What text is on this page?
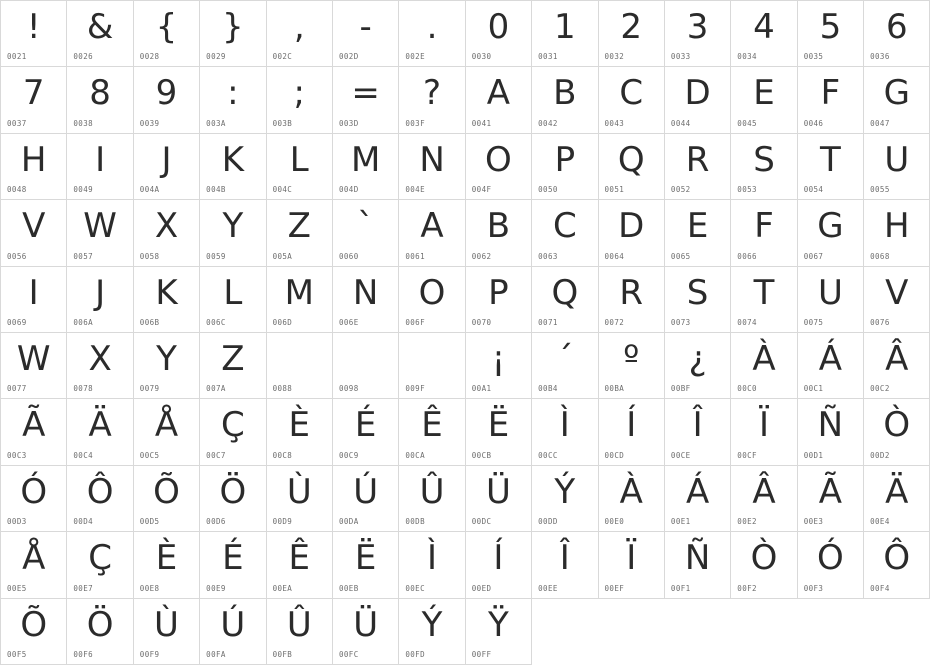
!
0021
&
0026
{
0028
}
0029
,
002C
-
002D
.
002E
0
0030
1
0031
2
0032
3
0033
4
0034
5
0035
6
0036
7
0037
8
0038
9
0039
:
003A
;
003B
=
003D
?
003F
A
0041
B
0042
C
0043
D
0044
E
0045
F
0046
G
0047
H
0048
I
0049
J
004A
K
004B
L
004C
M
004D
N
004E
O
004F
P
0050
Q
0051
R
0052
S
0053
T
0054
U
0055
V
0056
W
0057
X
0058
Y
0059
Z
005A
`
0060
A
0061
B
0062
C
0063
D
0064
E
0065
F
0066
G
0067
H
0068
I
0069
J
006A
K
006B
L
006C
M
006D
N
006E
O
006F
P
0070
Q
0071
R
0072
S
0073
T
0074
U
0075
V
0076
W
0077
X
0078
Y
0079
Z
007A	0088	0098	009F
¡
00A1
´
00B4
º
00BA
¿
00BF
À
00C0
Á
00C1
Â
00C2
Ã
00C3
Ä
00C4
Å
00C5
Ç
00C7
È
00C8
É
00C9
Ê
00CA
Ë
00CB
Ì
00CC
Í
00CD
Î
00CE
Ï
00CF
Ñ
00D1
Ò
00D2
Ó
00D3
Ô
00D4
Õ
00D5
Ö
00D6
Ù
00D9
Ú
00DA
Û
00DB
Ü
00DC
Ý
00DD
À
00E0
Á
00E1
Â
00E2
Ã
00E3
Ä
00E4
Å
00E5
Ç
00E7
È
00E8
É
00E9
Ê
00EA
Ë
00EB
Ì
00EC
Í
00ED
Î
00EE
Ï
00EF
Ñ
00F1
Ò
00F2
Ó
00F3
Ô
00F4
Õ
00F5
Ö
00F6
Ù
00F9
Ú
00FA
Û
00FB
Ü
00FC
Ý
00FD
Ÿ
00FF
